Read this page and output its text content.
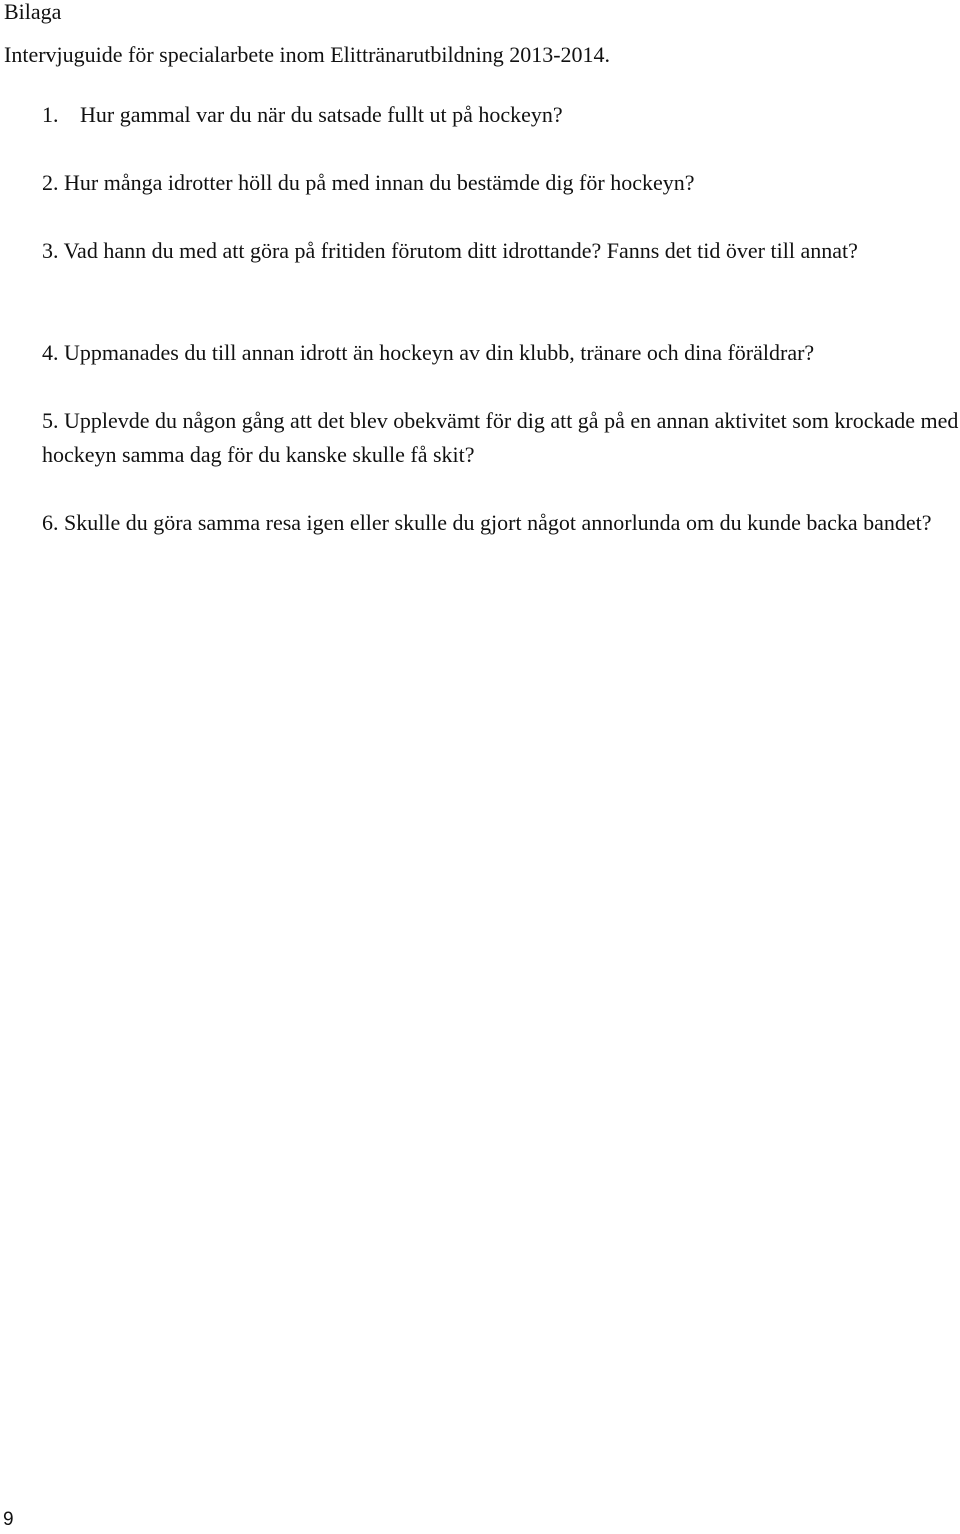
Bilaga
Intervjuguide för specialarbete inom Elittränarutbildning 2013-2014.

1. Hur gammal var du när du satsade fullt ut på hockeyn?

2. Hur många idrotter höll du på med innan du bestämde dig för hockeyn?

3. Vad hann du med att göra på fritiden förutom ditt idrottande? Fanns det tid över till annat?

4. Uppmanades du till annan idrott än hockeyn av din klubb, tränare och dina föräldrar?

5. Upplevde du någon gång att det blev obekvämt för dig att gå på en annan aktivitet som krockade med hockeyn samma dag för du kanske skulle få skit?

6. Skulle du göra samma resa igen eller skulle du gjort något annorlunda om du kunde backa bandet?

9
